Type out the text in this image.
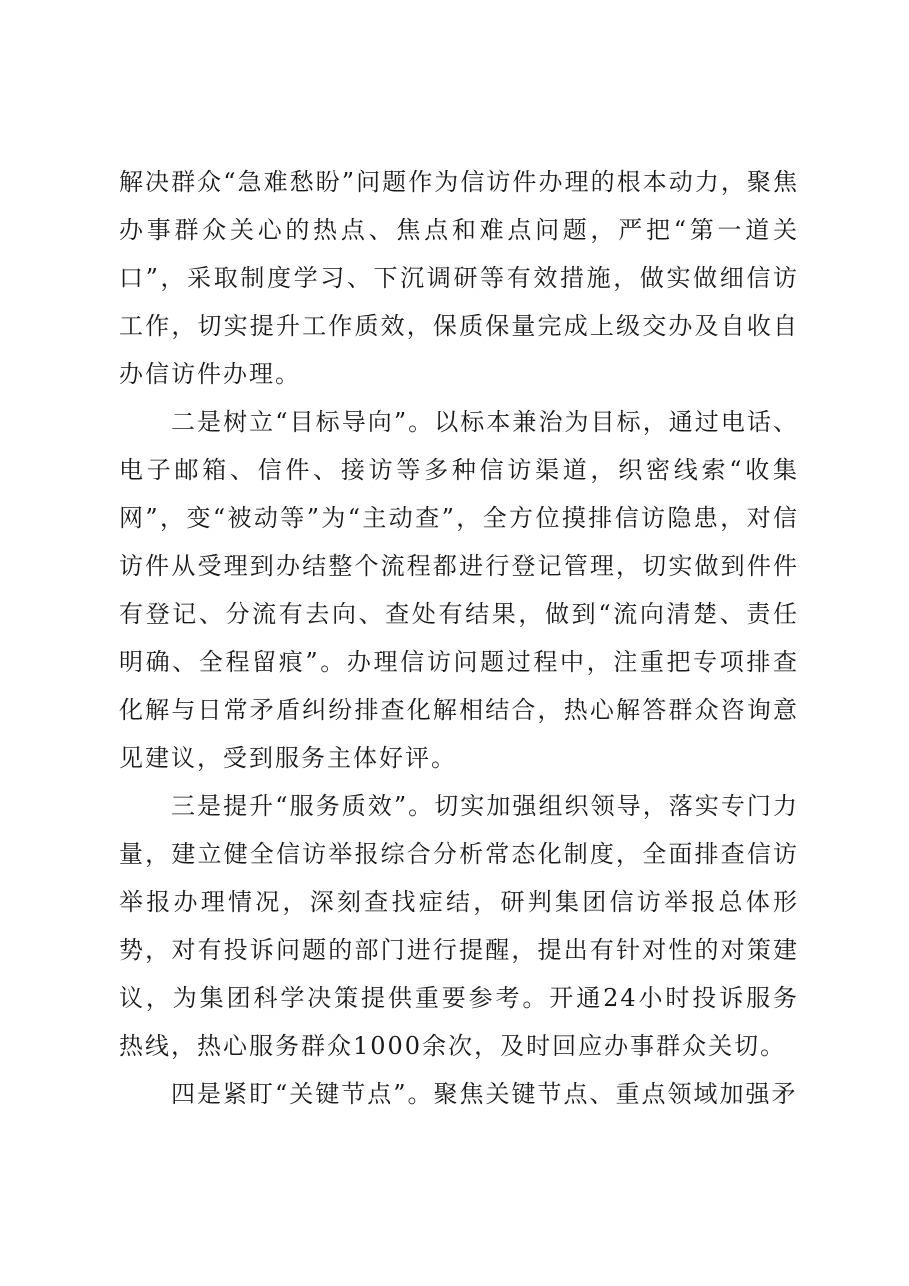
解决群众“急难愁盼”问题作为信访件办理的根本动力，聚焦办事群众关心的热点、焦点和难点问题，严把“第一道关口”，采取制度学习、下沉调研等有效措施，做实做细信访工作，切实提升工作质效，保质保量完成上级交办及自收自办信访件办理。

二是树立“目标导向”。以标本兼治为目标，通过电话、电子邮箱、信件、接访等多种信访渠道，织密线索“收集网”，变“被动等”为“主动查”，全方位摸排信访隐患，对信访件从受理到办结整个流程都进行登记管理，切实做到件件有登记、分流有去向、查处有结果，做到“流向清楚、责任明确、全程留痕”。办理信访问题过程中，注重把专项排查化解与日常矛盾纠纷排查化解相结合，热心解答群众咨询意见建议，受到服务主体好评。

三是提升“服务质效”。切实加强组织领导，落实专门力量，建立健全信访举报综合分析常态化制度，全面排查信访举报办理情况，深刻查找症结，研判集团信访举报总体形势，对有投诉问题的部门进行提醒，提出有针对性的对策建议，为集团科学决策提供重要参考。开通24小时投诉服务热线，热心服务群众1000余次，及时回应办事群众关切。

四是紧盯“关键节点”。聚焦关键节点、重点领域加强矛
